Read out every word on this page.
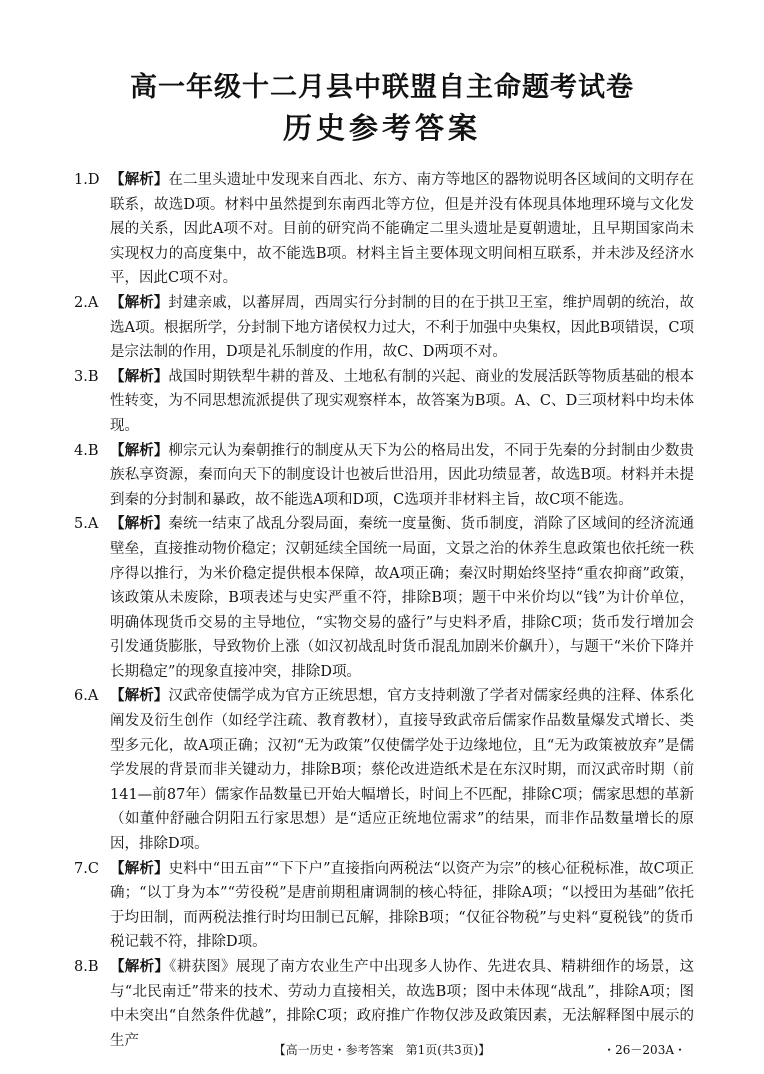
高一年级十二月县中联盟自主命题考试卷
历史参考答案

1.D 【解析】在二里头遗址中发现来自西北、东方、南方等地区的器物说明各区域间的文明存在联系，故选D项。材料中虽然提到东南西北等方位，但是并没有体现具体地理环境与文化发展的关系，因此A项不对。目前的研究尚不能确定二里头遗址是夏朝遗址，且早期国家尚未实现权力的高度集中，故不能选B项。材料主旨主要体现文明间相互联系，并未涉及经济水平，因此C项不对。

2.A 【解析】封建亲戚，以蕃屏周，西周实行分封制的目的在于拱卫王室，维护周朝的统治，故选A项。根据所学，分封制下地方诸侯权力过大，不利于加强中央集权，因此B项错误，C项是宗法制的作用，D项是礼乐制度的作用，故C、D两项不对。

3.B 【解析】战国时期铁犁牛耕的普及、土地私有制的兴起、商业的发展活跃等物质基础的根本性转变，为不同思想流派提供了现实观察样本，故答案为B项。A、C、D三项材料中均未体现。

4.B 【解析】柳宗元认为秦朝推行的制度从天下为公的格局出发，不同于先秦的分封制由少数贵族私享资源，秦而向天下的制度设计也被后世沿用，因此功绩显著，故选B项。材料并未提到秦的分封制和暴政，故不能选A项和D项，C选项并非材料主旨，故C项不能选。

5.A 【解析】秦统一结束了战乱分裂局面，秦统一度量衡、货币制度，消除了区域间的经济流通壁垒，直接推动物价稳定；汉朝延续全国统一局面，文景之治的休养生息政策也依托统一秩序得以推行，为米价稳定提供根本保障，故A项正确；秦汉时期始终坚持“重农抑商”政策，该政策从未废除，B项表述与史实严重不符，排除B项；题干中米价均以“钱”为计价单位，明确体现货币交易的主导地位，“实物交易的盛行”与史料矛盾，排除C项；货币发行增加会引发通货膨胀，导致物价上涨（如汉初战乱时货币混乱加剧米价飙升），与题干“米价下降并长期稳定”的现象直接冲突，排除D项。

6.A 【解析】汉武帝使儒学成为官方正统思想，官方支持刺激了学者对儒家经典的注释、体系化阐发及衍生创作（如经学注疏、教育教材），直接导致武帝后儒家作品数量爆发式增长、类型多元化，故A项正确；汉初“无为政策”仅使儒学处于边缘地位，且“无为政策被放弃”是儒学发展的背景而非关键动力，排除B项；蔡伦改进造纸术是在东汉时期，而汉武帝时期（前141—前87年）儒家作品数量已开始大幅增长，时间上不匹配，排除C项；儒家思想的革新（如董仲舒融合阴阳五行家思想）是“适应正统地位需求”的结果，而非作品数量增长的原因，排除D项。

7.C 【解析】史料中“田五亩”“下下户”直接指向两税法“以资产为宗”的核心征税标准，故C项正确；“以丁身为本”“劳役税”是唐前期租庸调制的核心特征，排除A项；“以授田为基础”依托于均田制，而两税法推行时均田制已瓦解，排除B项；“仅征谷物税”与史料“夏税钱”的货币税记载不符，排除D项。

8.B 【解析】《耕获图》展现了南方农业生产中出现多人协作、先进农具、精耕细作的场景，这与“北民南迁”带来的技术、劳动力直接相关，故选B项；图中未体现“战乱”，排除A项；图中未突出“自然条件优越”，排除C项；政府推广作物仅涉及政策因素，无法解释图中展示的生产

【高一历史・参考答案　第1页(共3页)】	・26－203A・
